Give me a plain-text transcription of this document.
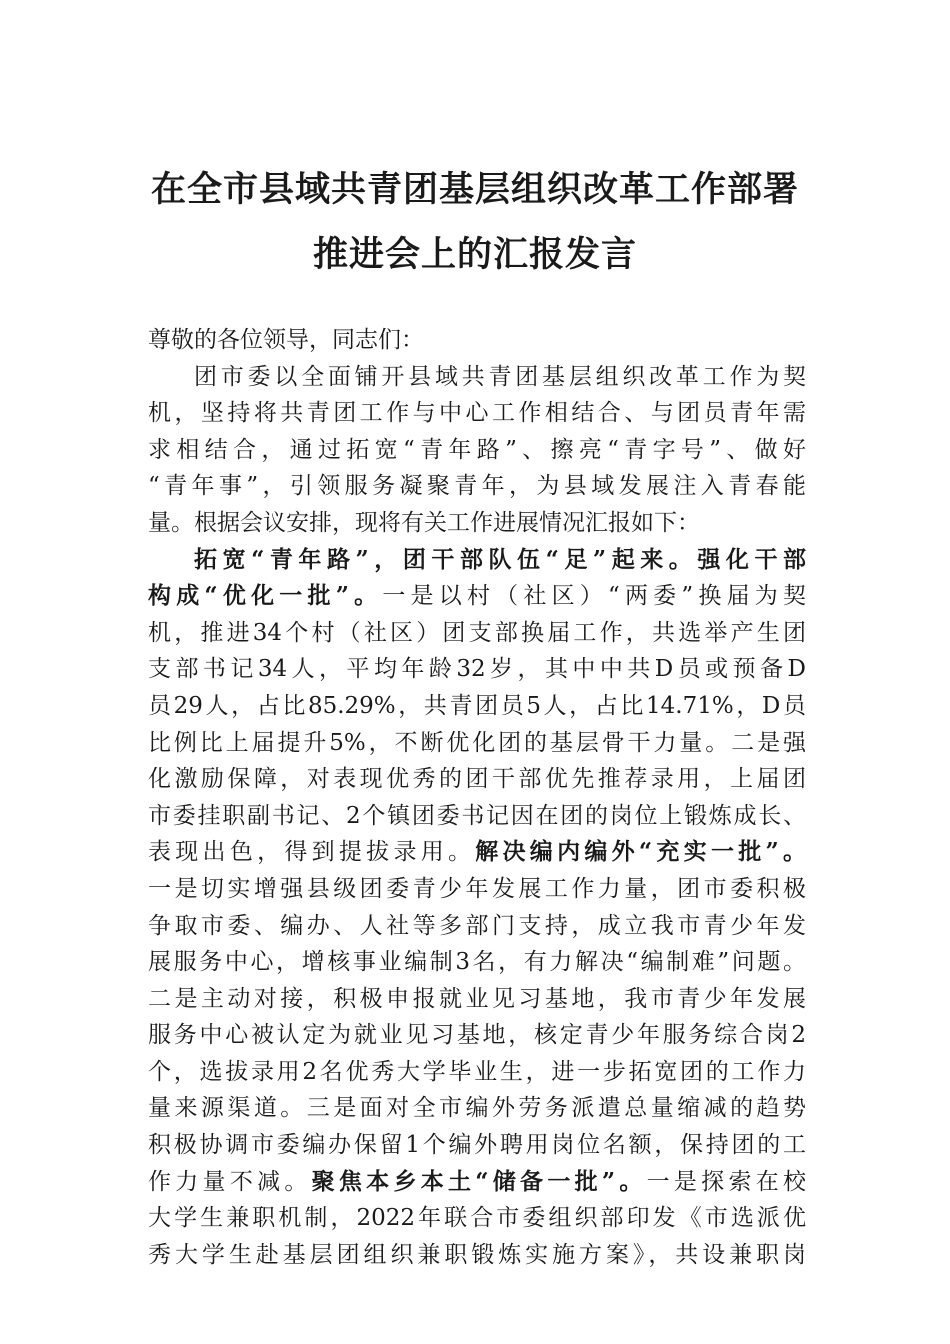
在全市县域共青团基层组织改革工作部署
推进会上的汇报发言
尊敬的各位领导，同志们：
团市委以全面铺开县域共青团基层组织改革工作为契
机，坚持将共青团工作与中心工作相结合、与团员青年需
求相结合，通过拓宽“青年路”、擦亮“青字号”、做好
“青年事”，引领服务凝聚青年，为县域发展注入青春能
量。根据会议安排，现将有关工作进展情况汇报如下：
拓宽“青年路”，团干部队伍“足”起来。强化干部
构成“优化一批”。一是以村（社区）“两委”换届为契
机，推进34个村（社区）团支部换届工作，共选举产生团
支部书记34人，平均年龄32岁，其中中共D员或预备D
员29人，占比85.29%，共青团员5人，占比14.71%，D员
比例比上届提升5%，不断优化团的基层骨干力量。二是强
化激励保障，对表现优秀的团干部优先推荐录用，上届团
市委挂职副书记、2个镇团委书记因在团的岗位上锻炼成长、
表现出色，得到提拔录用。解决编内编外“充实一批”。
一是切实增强县级团委青少年发展工作力量，团市委积极
争取市委、编办、人社等多部门支持，成立我市青少年发
展服务中心，增核事业编制3名，有力解决“编制难”问题。
二是主动对接，积极申报就业见习基地，我市青少年发展
服务中心被认定为就业见习基地，核定青少年服务综合岗2
个，选拔录用2名优秀大学毕业生，进一步拓宽团的工作力
量来源渠道。三是面对全市编外劳务派遣总量缩减的趋势
积极协调市委编办保留1个编外聘用岗位名额，保持团的工
作力量不减。聚焦本乡本土“储备一批”。一是探索在校
大学生兼职机制，2022年联合市委组织部印发《市选派优
秀大学生赴基层团组织兼职锻炼实施方案》，共设兼职岗
